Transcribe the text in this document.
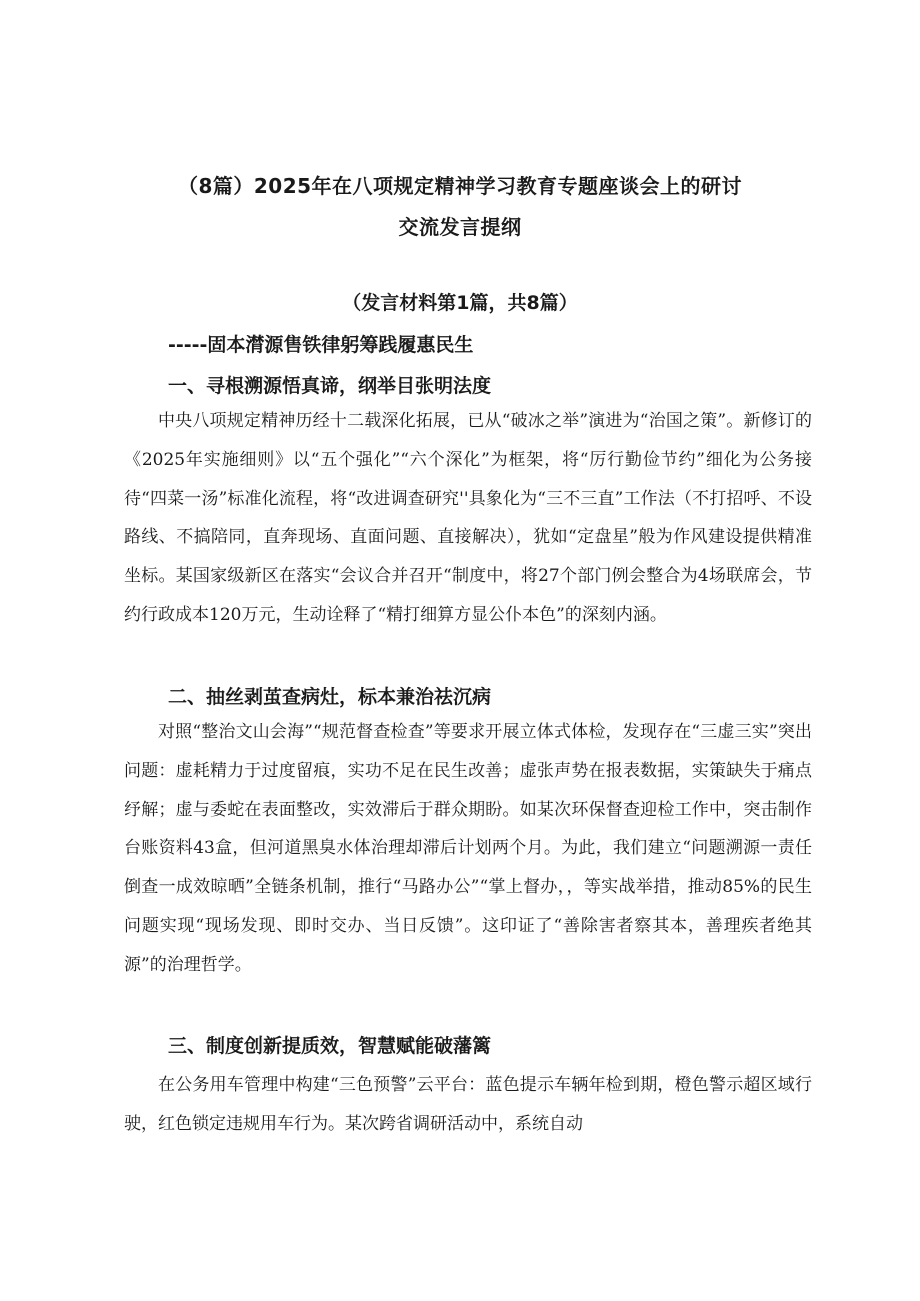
（8篇）2025年在八项规定精神学习教育专题座谈会上的研讨
交流发言提纲
（发言材料第1篇，共8篇）
-----固本潸源售铁律躬筹践履惠民生
一、寻根溯源悟真谛，纲举目张明法度

中央八项规定精神历经十二载深化拓展，已从“破冰之举”演进为“治国之策”。新修订的《2025年实施细则》以“五个强化”“六个深化”为框架，将“厉行勤俭节约”细化为公务接待“四菜一汤”标准化流程，将“改进调查研究''具象化为“三不三直”工作法（不打招呼、不设路线、不搞陪同，直奔现场、直面问题、直接解决），犹如“定盘星”般为作风建设提供精准坐标。某国家级新区在落实“会议合并召开“制度中，将27个部门例会整合为4场联席会，节约行政成本120万元，生动诠释了“精打细算方显公仆本色”的深刻内涵。

二、抽丝剥茧查病灶，标本兼治祛沉病

对照“整治文山会海”“规范督查检查”等要求开展立体式体检，发现存在“三虚三实”突出问题：虚耗精力于过度留痕，实功不足在民生改善；虚张声势在报表数据，实策缺失于痛点纾解；虚与委蛇在表面整改，实效滞后于群众期盼。如某次环保督查迎检工作中，突击制作台账资料43盒，但河道黑臭水体治理却滞后计划两个月。为此，我们建立“问题溯源一责任倒查一成效晾晒”全链条机制，推行“马路办公”“掌上督办，，等实战举措，推动85%的民生问题实现“现场发现、即时交办、当日反馈”。这印证了“善除害者察其本，善理疾者绝其源”的治理哲学。

三、制度创新提质效，智慧赋能破藩篱

在公务用车管理中构建“三色预警”云平台：蓝色提示车辆年检到期，橙色警示超区域行驶，红色锁定违规用车行为。某次跨省调研活动中，系统自动
